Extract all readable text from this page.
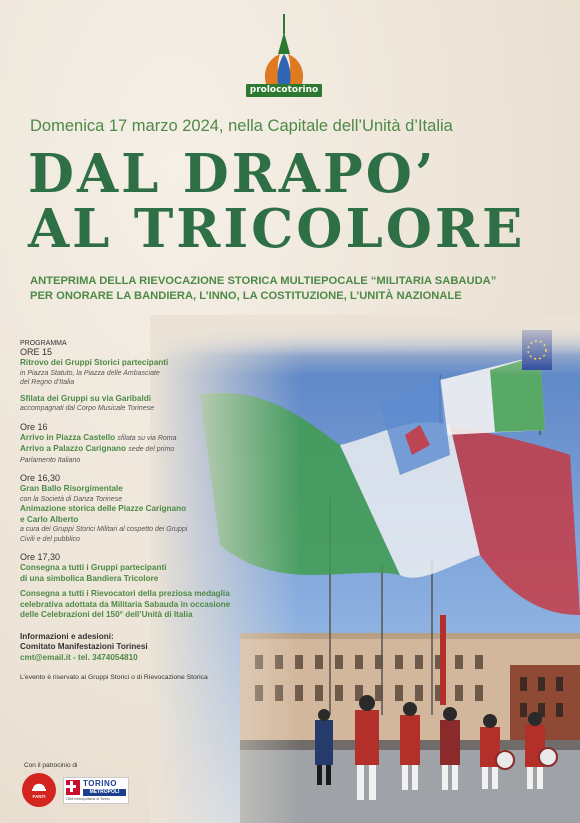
prolocotorino
Domenica 17 marzo 2024, nella Capitale dell’Unità d’Italia
DAL DRAPO’
AL TRICOLORE
ANTEPRIMA DELLA RIEVOCAZIONE STORICA MULTIEPOCALE “MILITARIA SABAUDA”
PER ONORARE LA BANDIERA, L’INNO, LA COSTITUZIONE, L’UNITÀ NAZIONALE
PROGRAMMA
ORE 15
Ritrovo dei Gruppi Storici partecipanti
in Piazza Statuto, la Piazza delle Ambasciate
del Regno d’Italia
Sfilata dei Gruppi su via Garibaldi
accompagnati dal Corpo Musicale Torinese
Ore 16
Arrivo in Piazza Castello sfilata su via Roma
Arrivo a Palazzo Carignano sede del primo
Parlamento Italiano
Ore 16,30
Gran Ballo Risorgimentale
con la Società di Danza Torinese
Animazione storica delle Piazze Carignano
e Carlo Alberto
a cura dei Gruppi Storici Militari al cospetto dei Gruppi
Civili e del pubblico
Ore 17,30
Consegna a tutti i Gruppi partecipanti
di una simbolica Bandiera Tricolore
Consegna a tutti i Rievocatori della preziosa medaglia
celebrativa adottata da Militaria Sabauda in occasione
delle Celebrazioni del 150° dell’Unità di Italia
Informazioni e adesioni:
Comitato Manifestazioni Torinesi
cmt@email.it - tel. 3474054810
L’evento è riservato ai Gruppi Storici o di Rievocazione Storica
Con il patrocinio di
FANTI
TORINO
METROPOLI
Città metropolitana di Torino
